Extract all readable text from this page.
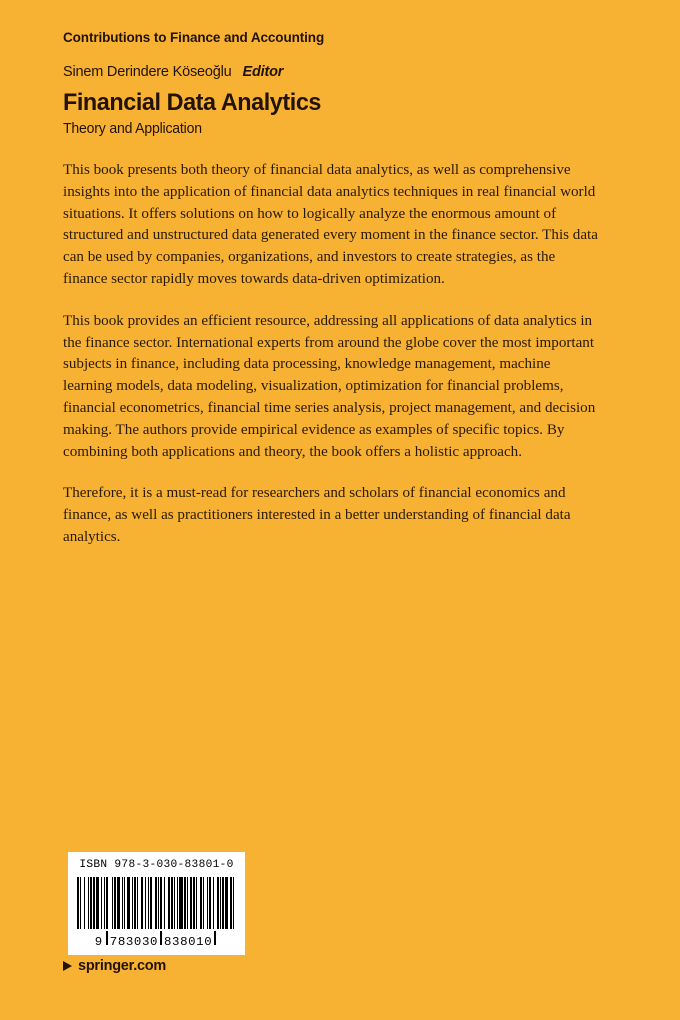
Contributions to Finance and Accounting
Sinem Derindere Köseoğlu Editor
Financial Data Analytics
Theory and Application

This book presents both theory of financial data analytics, as well as comprehensive insights into the application of financial data analytics techniques in real financial world situations. It offers solutions on how to logically analyze the enormous amount of structured and unstructured data generated every moment in the finance sector. This data can be used by companies, organizations, and investors to create strategies, as the finance sector rapidly moves towards data-driven optimization.

This book provides an efficient resource, addressing all applications of data analytics in the finance sector. International experts from around the globe cover the most important subjects in finance, including data processing, knowledge management, machine learning models, data modeling, visualization, optimization for financial problems, financial econometrics, financial time series analysis, project management, and decision making. The authors provide empirical evidence as examples of specific topics. By combining both applications and theory, the book offers a holistic approach.

Therefore, it is a must-read for researchers and scholars of financial economics and finance, as well as practitioners interested in a better understanding of financial data analytics.

ISBN 978-3-030-83801-0
9 783030 838010
springer.com
